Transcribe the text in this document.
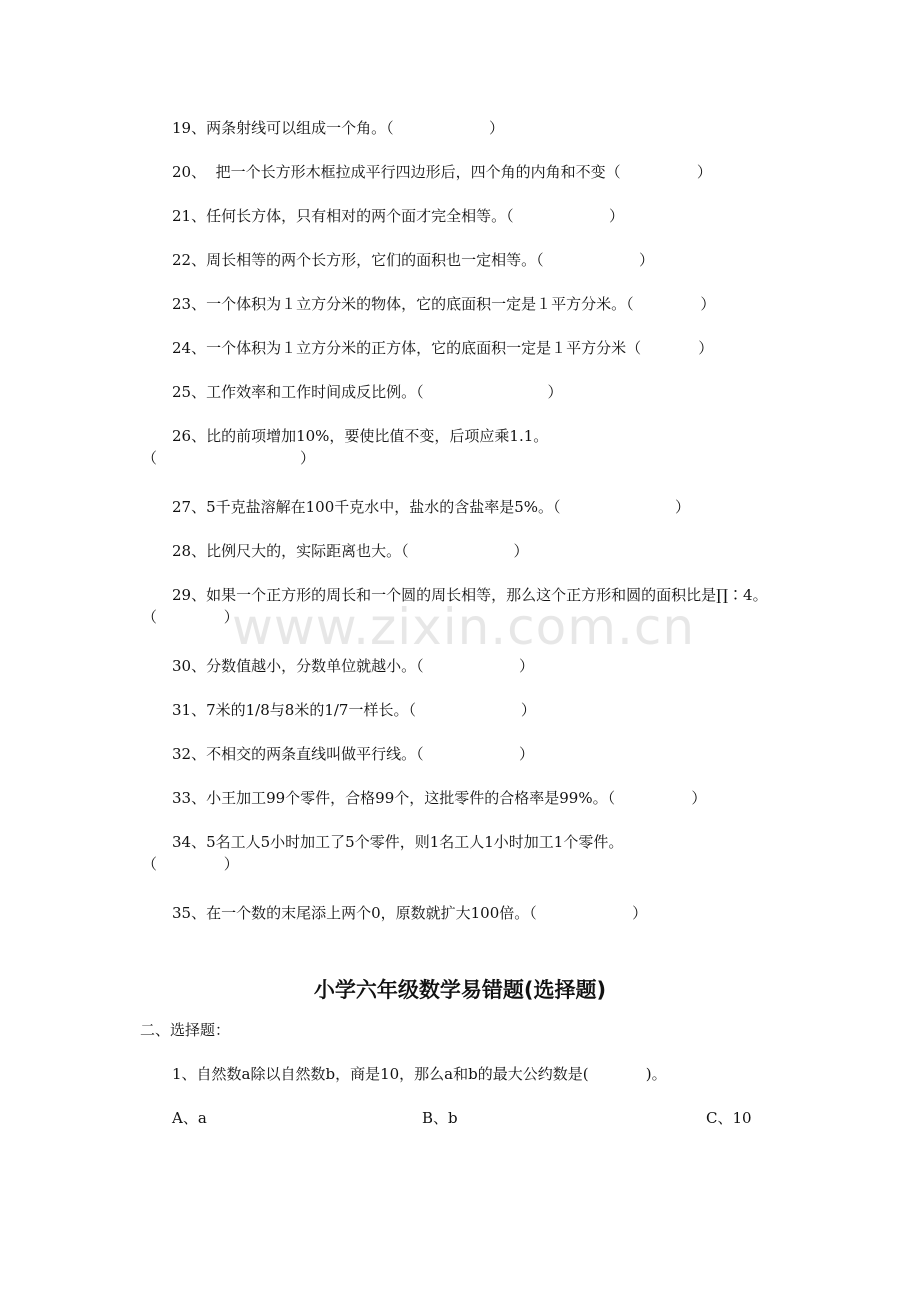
19、两条射线可以组成一个角。（                    ）
20、  把一个长方形木框拉成平行四边形后，四个角的内角和不变（                ）
21、任何长方体，只有相对的两个面才完全相等。（                    ）
22、周长相等的两个长方形，它们的面积也一定相等。（                    ）
23、一个体积为１立方分米的物体，它的底面积一定是１平方分米。（              ）
24、一个体积为１立方分米的正方体，它的底面积一定是１平方分米（            ）
25、工作效率和工作时间成反比例。（                          ）
26、比的前项增加10%，要使比值不变，后项应乘1.1。
（                              ）
27、5千克盐溶解在100千克水中，盐水的含盐率是5%。（                        ）
28、比例尺大的，实际距离也大。（                      ）
29、如果一个正方形的周长和一个圆的周长相等，那么这个正方形和圆的面积比是∏∶4。
（              ）
30、分数值越小，分数单位就越小。（                    ）
31、7米的1/8与8米的1/7一样长。（                      ）
32、不相交的两条直线叫做平行线。（                    ）
33、小王加工99个零件，合格99个，这批零件的合格率是99%。（                ）
34、5名工人5小时加工了5个零件，则1名工人1小时加工1个零件。
（              ）
35、在一个数的末尾添上两个0，原数就扩大100倍。（                    ）
www.zixin.com.cn
小学六年级数学易错题(选择题)
二、选择题：
1、自然数a除以自然数b，商是10，那么a和b的最大公约数是(            )。
A、a	B、b	C、10
